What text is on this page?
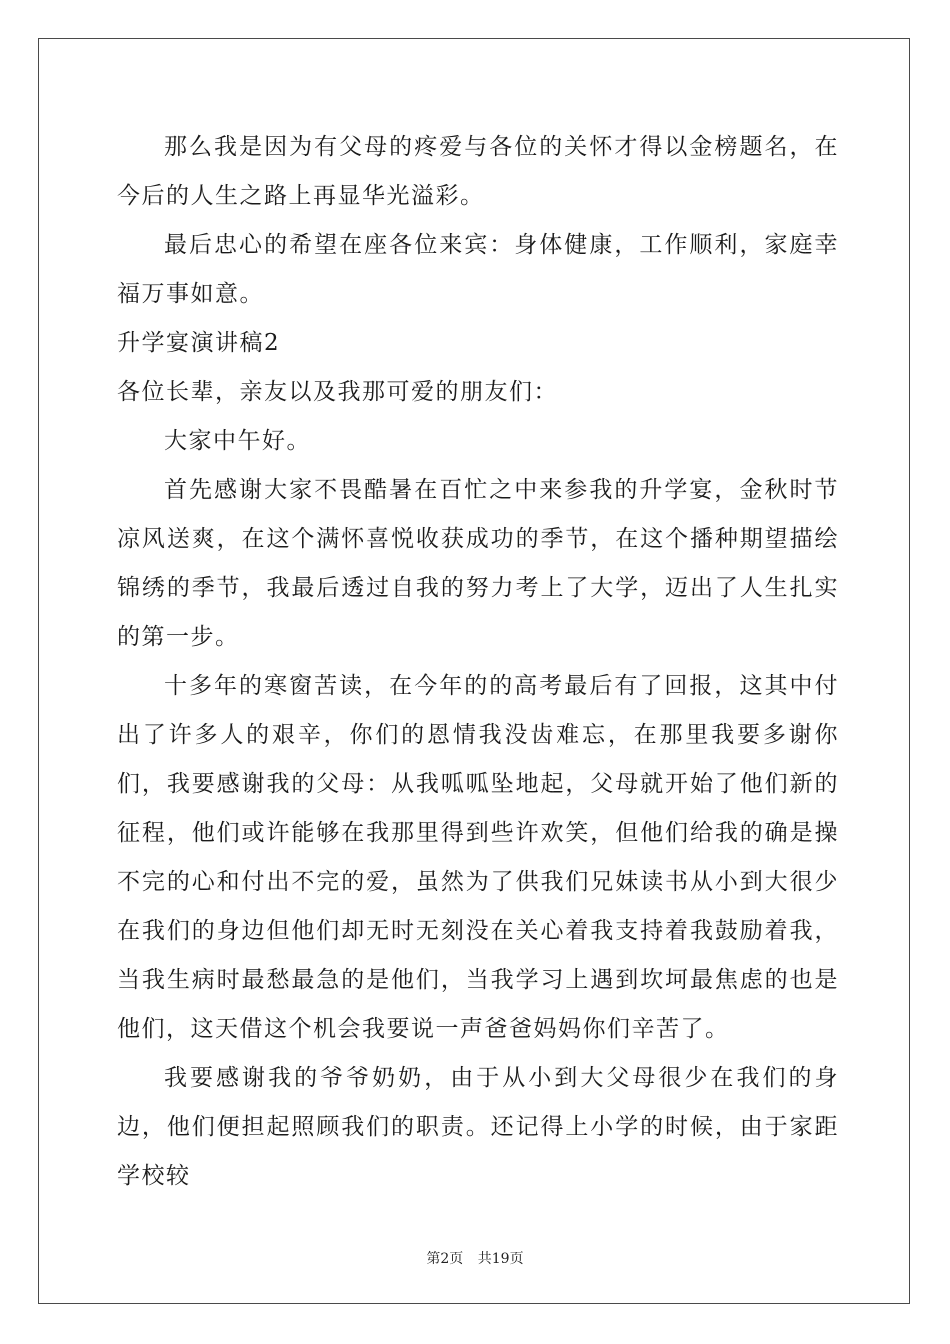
那么我是因为有父母的疼爱与各位的关怀才得以金榜题名，在今后的人生之路上再显华光溢彩。

最后忠心的希望在座各位来宾：身体健康，工作顺利，家庭幸福万事如意。

升学宴演讲稿2

各位长辈，亲友以及我那可爱的朋友们：

大家中午好。

首先感谢大家不畏酷暑在百忙之中来参我的升学宴，金秋时节凉风送爽，在这个满怀喜悦收获成功的季节，在这个播种期望描绘锦绣的季节，我最后透过自我的努力考上了大学，迈出了人生扎实的第一步。

十多年的寒窗苦读，在今年的的高考最后有了回报，这其中付出了许多人的艰辛，你们的恩情我没齿难忘，在那里我要多谢你们，我要感谢我的父母：从我呱呱坠地起，父母就开始了他们新的征程，他们或许能够在我那里得到些许欢笑，但他们给我的确是操不完的心和付出不完的爱，虽然为了供我们兄妹读书从小到大很少在我们的身边但他们却无时无刻没在关心着我支持着我鼓励着我，当我生病时最愁最急的是他们，当我学习上遇到坎坷最焦虑的也是他们，这天借这个机会我要说一声爸爸妈妈你们辛苦了。

我要感谢我的爷爷奶奶，由于从小到大父母很少在我们的身边，他们便担起照顾我们的职责。还记得上小学的时候，由于家距学校较

第2页 共19页
